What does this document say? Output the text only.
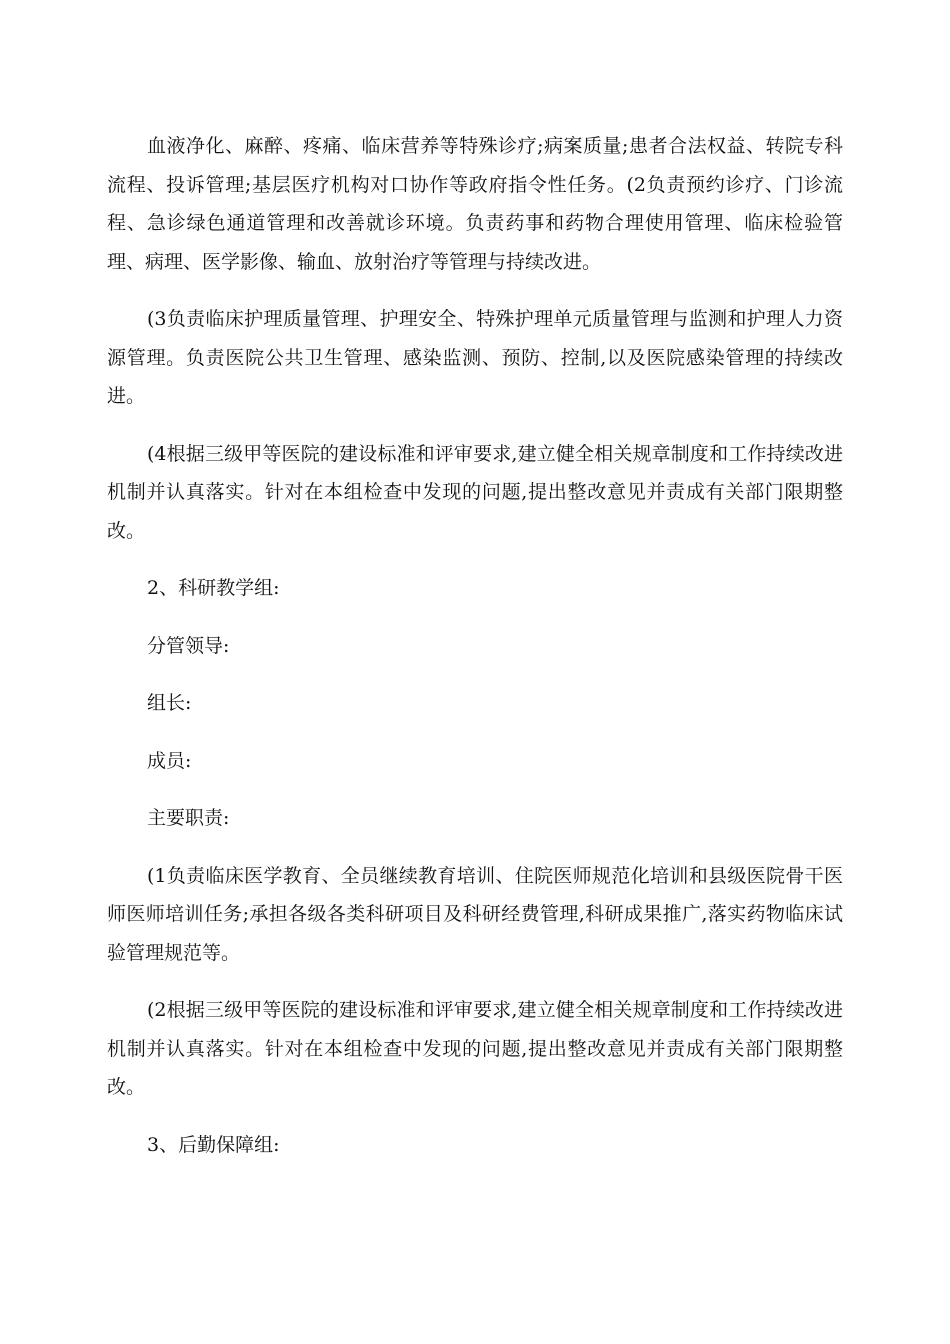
血液净化、麻醉、疼痛、临床营养等特殊诊疗;病案质量;患者合法权益、转院专科流程、投诉管理;基层医疗机构对口协作等政府指令性任务。(2负责预约诊疗、门诊流程、急诊绿色通道管理和改善就诊环境。负责药事和药物合理使用管理、临床检验管理、病理、医学影像、输血、放射治疗等管理与持续改进。

(3负责临床护理质量管理、护理安全、特殊护理单元质量管理与监测和护理人力资源管理。负责医院公共卫生管理、感染监测、预防、控制,以及医院感染管理的持续改进。

(4根据三级甲等医院的建设标准和评审要求,建立健全相关规章制度和工作持续改进机制并认真落实。针对在本组检查中发现的问题,提出整改意见并责成有关部门限期整改。

2、科研教学组:

分管领导:

组长:

成员:

主要职责:

(1负责临床医学教育、全员继续教育培训、住院医师规范化培训和县级医院骨干医师医师培训任务;承担各级各类科研项目及科研经费管理,科研成果推广,落实药物临床试验管理规范等。

(2根据三级甲等医院的建设标准和评审要求,建立健全相关规章制度和工作持续改进机制并认真落实。针对在本组检查中发现的问题,提出整改意见并责成有关部门限期整改。

3、后勤保障组:
